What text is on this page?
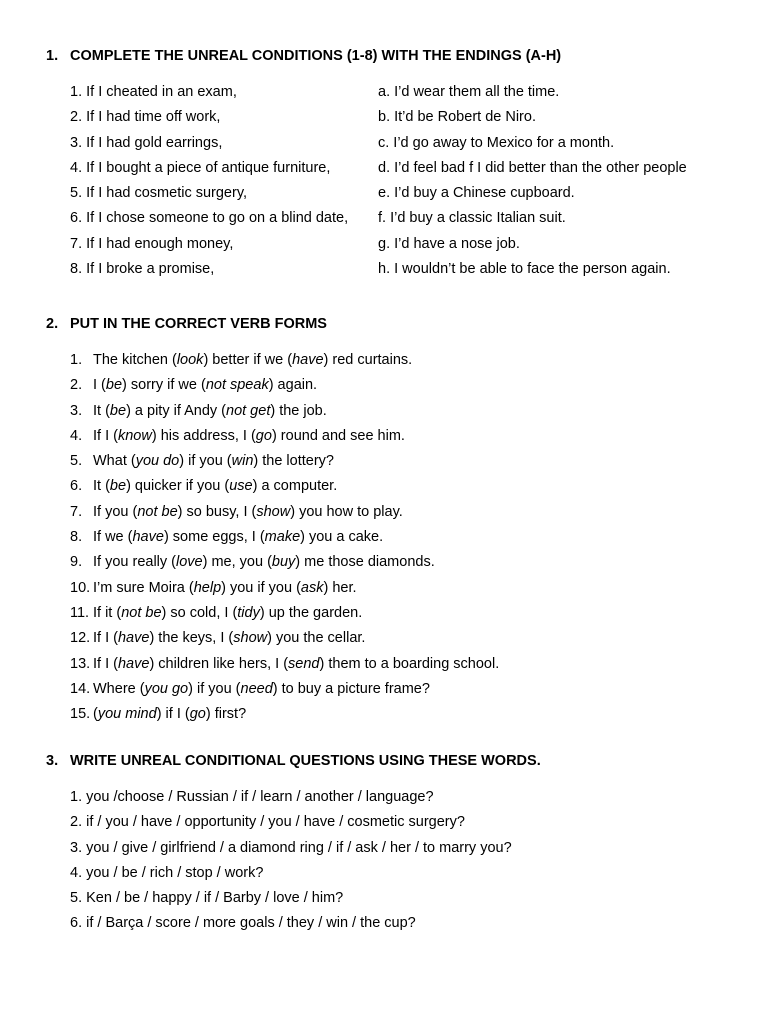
1. COMPLETE THE UNREAL CONDITIONS (1-8) WITH THE ENDINGS (A-H)
1. If I cheated in an exam,
2. If I had time off work,
3. If I had gold earrings,
4. If I bought a piece of antique furniture,
5. If I had cosmetic surgery,
6. If I chose someone to go on a blind date,
7. If I had enough money,
8. If I broke a promise,
a. I’d wear them all the time.
b. It’d be Robert de Niro.
c. I’d go away to Mexico for a month.
d. I’d feel bad f I did better than the other people
e. I’d buy a Chinese cupboard.
f. I’d buy a classic Italian suit.
g. I’d have a nose job.
h. I wouldn’t be able to face the person again.
2. PUT IN THE CORRECT VERB FORMS
1. The kitchen (look) better if we (have) red curtains.
2. I (be) sorry if we (not speak) again.
3. It (be) a pity if Andy (not get) the job.
4. If I (know) his address, I (go) round and see him.
5. What (you do) if you (win) the lottery?
6. It (be) quicker if you (use) a computer.
7. If you (not be) so busy, I (show) you how to play.
8. If we (have) some eggs, I (make) you a cake.
9. If you really (love) me, you (buy) me those diamonds.
10. I’m sure Moira (help) you if you (ask) her.
11. If it (not be) so cold, I (tidy) up the garden.
12. If I (have) the keys, I (show) you the cellar.
13. If I (have) children like hers, I (send) them to a boarding school.
14. Where (you go) if you (need) to buy a picture frame?
15. (you mind) if I (go) first?
3. WRITE UNREAL CONDITIONAL QUESTIONS USING THESE WORDS.
1. you /choose / Russian / if / learn / another / language?
2. if / you / have / opportunity / you / have / cosmetic surgery?
3. you / give / girlfriend / a diamond ring / if / ask / her / to marry you?
4. you / be / rich / stop / work?
5. Ken / be / happy / if / Barby / love / him?
6. if / Barça / score / more goals / they / win / the cup?
